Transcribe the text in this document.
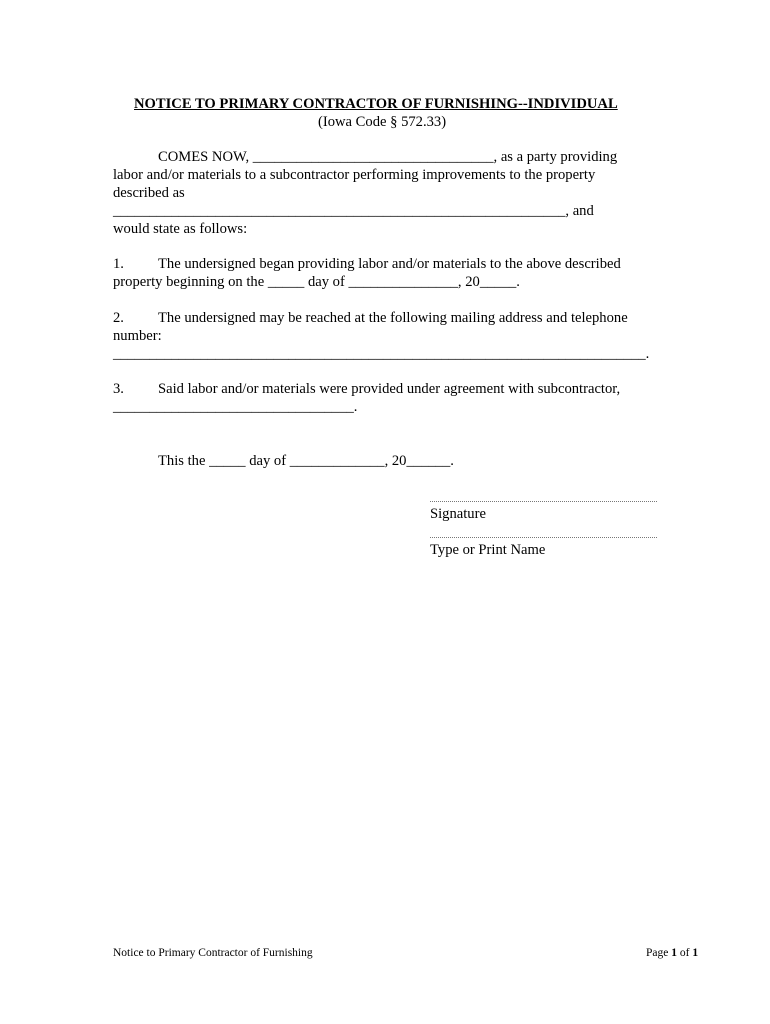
NOTICE TO PRIMARY CONTRACTOR OF FURNISHING--INDIVIDUAL
(Iowa Code § 572.33)
COMES NOW, _________________________________, as a party providing
labor and/or materials to a subcontractor performing improvements to the property
described as
______________________________________________________________, and
would state as follows:
1. The undersigned began providing labor and/or materials to the above described
property beginning on the _____ day of _______________, 20_____.
2. The undersigned may be reached at the following mailing address and telephone
number:
_________________________________________________________________________.
3. Said labor and/or materials were provided under agreement with subcontractor,
_________________________________.
This the _____ day of _____________, 20______.
Signature
Type or Print Name
Notice to Primary Contractor of Furnishing	Page 1 of 1
